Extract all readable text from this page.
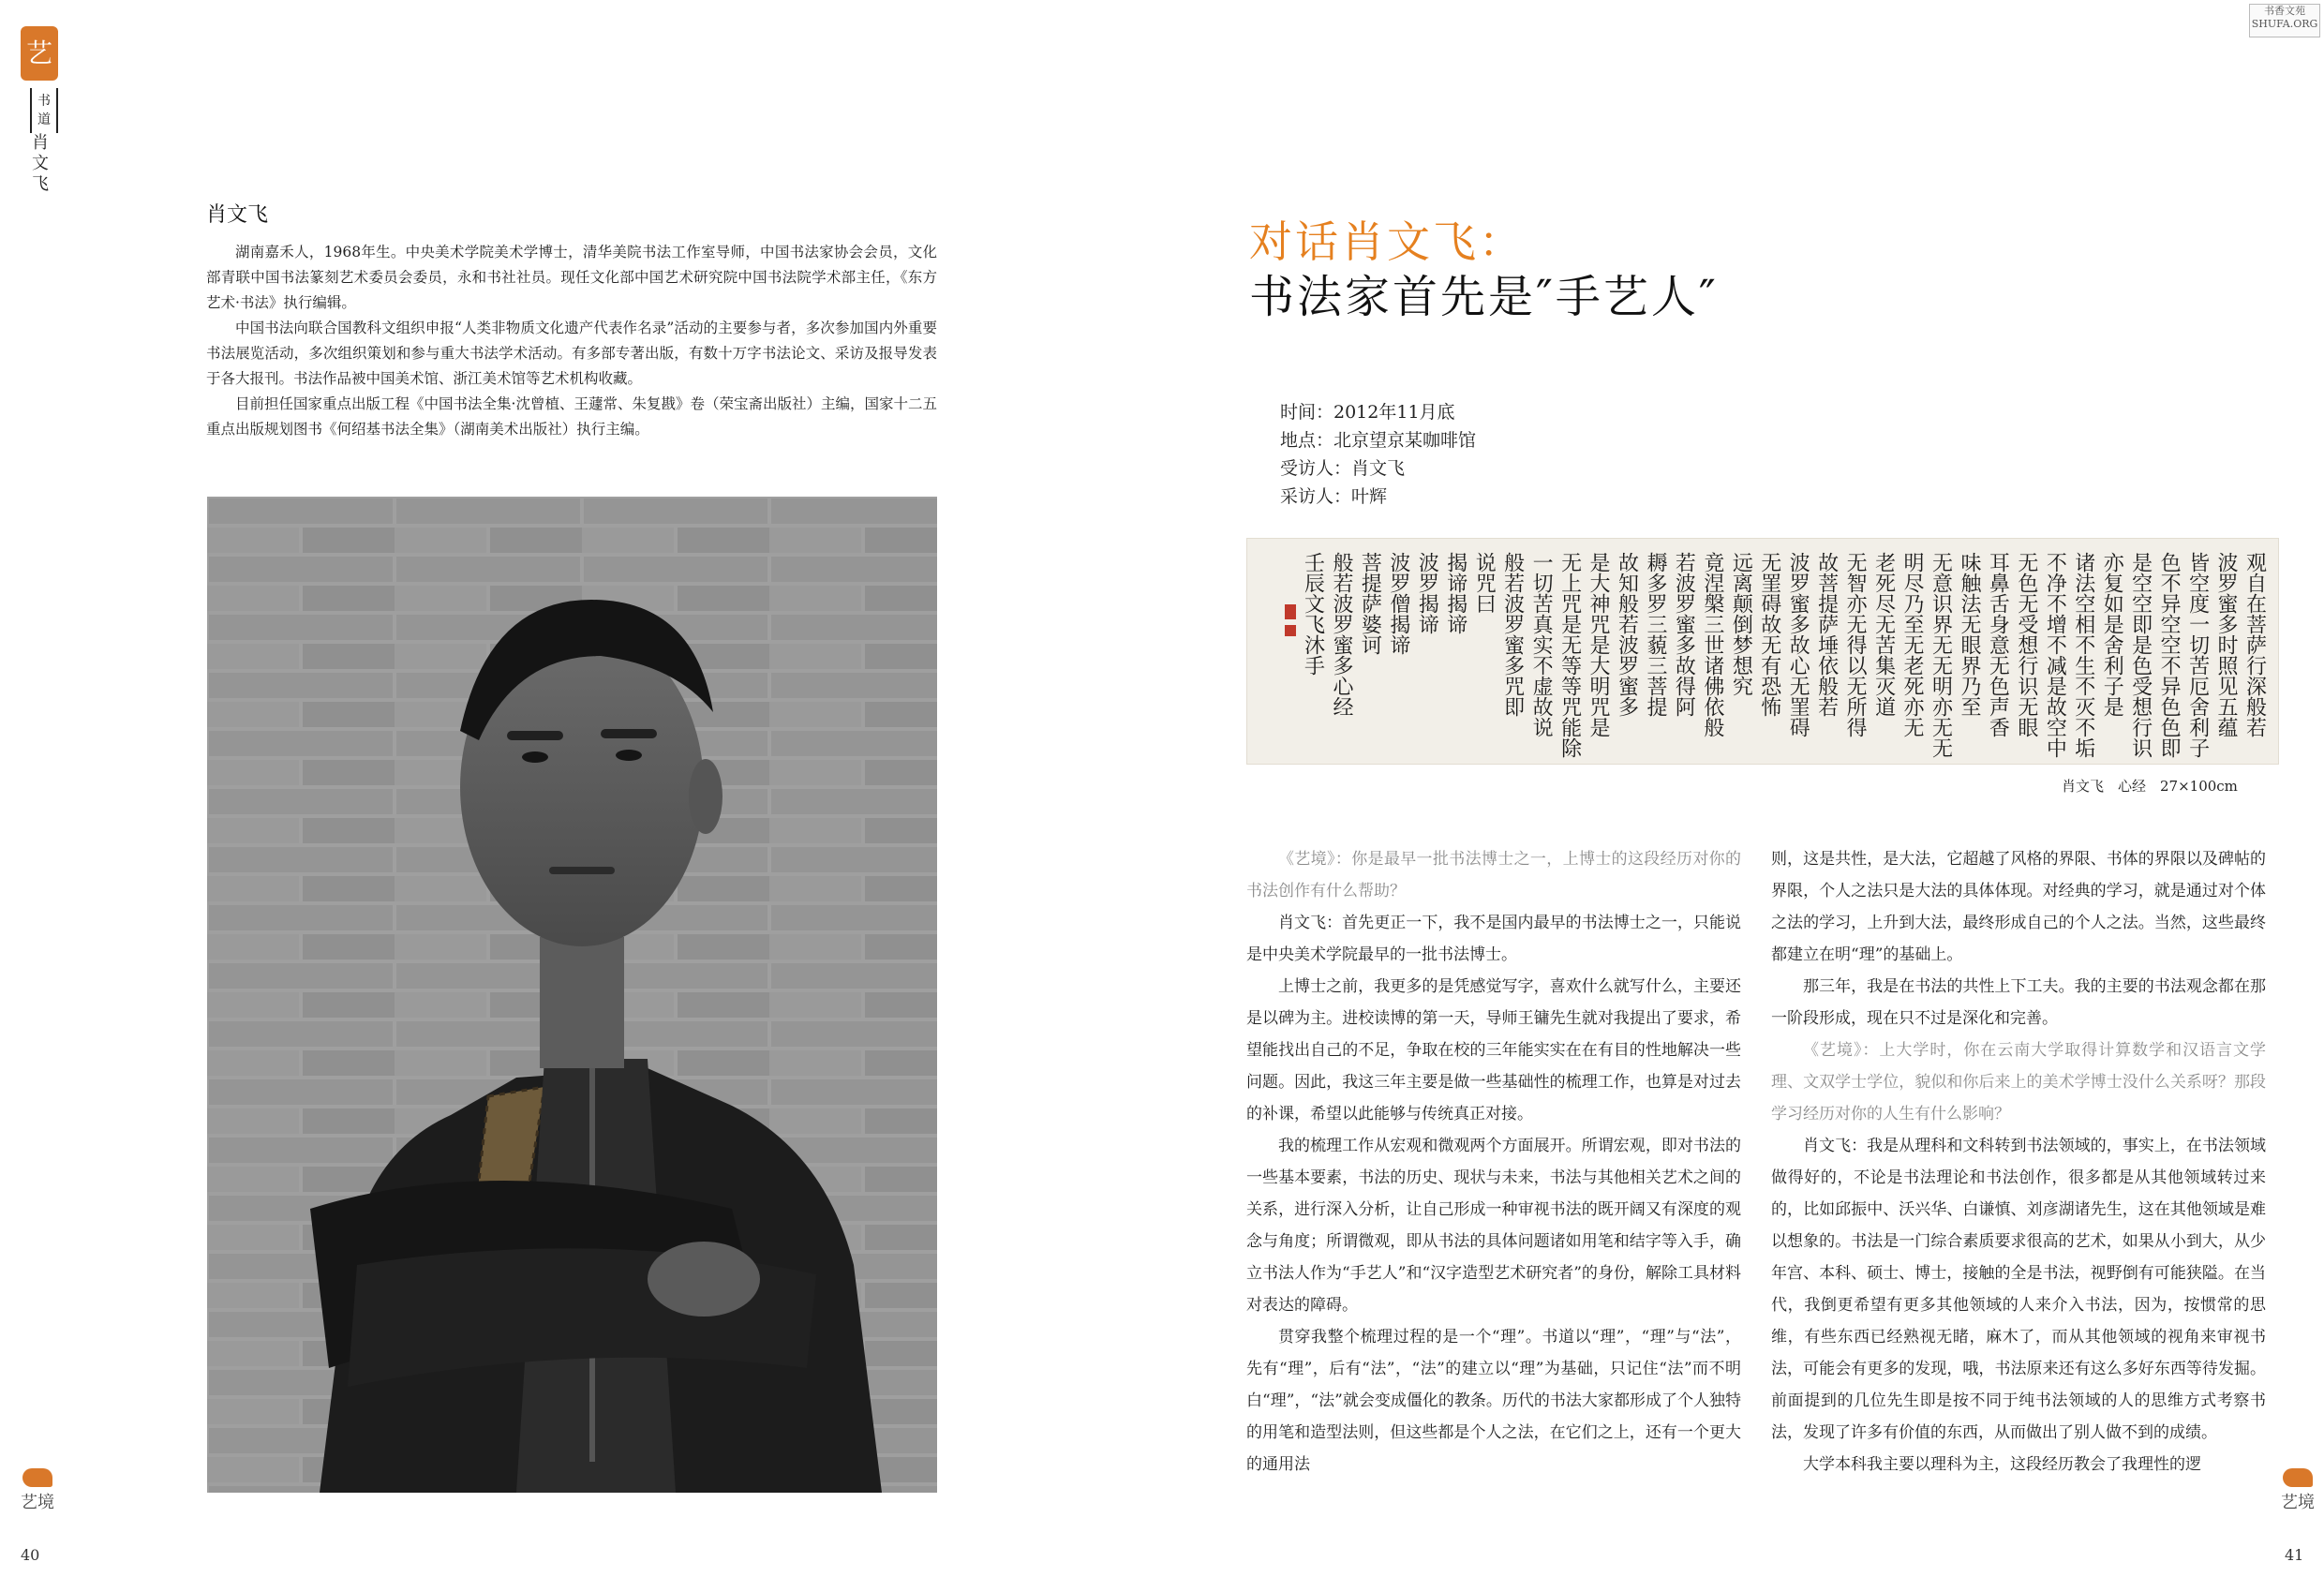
艺
书道
肖文飞
书香文苑
SHUFA.ORG
艺境	艺境
40	41
肖文飞

湖南嘉禾人，1968年生。中央美术学院美术学博士，清华美院书法工作室导师，中国书法家协会会员，文化部青联中国书法篆刻艺术委员会委员，永和书社社员。现任文化部中国艺术研究院中国书法院学术部主任，《东方艺术·书法》执行编辑。

中国书法向联合国教科文组织申报“人类非物质文化遗产代表作名录”活动的主要参与者，多次参加国内外重要书法展览活动，多次组织策划和参与重大书法学术活动。有多部专著出版，有数十万字书法论文、采访及报导发表于各大报刊。书法作品被中国美术馆、浙江美术馆等艺术机构收藏。

目前担任国家重点出版工程《中国书法全集·沈曾植、王蘧常、朱复戡》卷（荣宝斋出版社）主编，国家十二五重点出版规划图书《何绍基书法全集》（湖南美术出版社）执行主编。

对话肖文飞：
书法家首先是″手艺人″
时间：2012年11月底
地点：北京望京某咖啡馆
受访人：肖文飞
采访人：叶辉
观自在菩萨行深般若
波罗蜜多时照见五蕴
皆空度一切苦厄舍利子
色不异空空不异色色即
是空空即是色受想行识
亦复如是舍利子是
诸法空相不生不灭不垢
不净不增不减是故空中
无色无受想行识无眼
耳鼻舌身意无色声香
味触法无眼界乃至
无意识界无无明亦无无
明尽乃至无老死亦无
老死尽无苦集灭道
无智亦无得以无所得
故菩提萨埵依般若
波罗蜜多故心无罣碍
无罣碍故无有恐怖
远离颠倒梦想究
竟涅槃三世诸佛依般
若波罗蜜多故得阿
耨多罗三藐三菩提
故知般若波罗蜜多
是大神咒是大明咒是
无上咒是无等等咒能除
一切苦真实不虚故说
般若波罗蜜多咒即
说咒曰
揭谛揭谛
波罗揭谛
波罗僧揭谛
菩提萨婆诃
般若波罗蜜多心经
壬辰文飞沐手
肖文飞　心经　27×100cm

《艺境》：你是最早一批书法博士之一，上博士的这段经历对你的书法创作有什么帮助？

肖文飞：首先更正一下，我不是国内最早的书法博士之一，只能说是中央美术学院最早的一批书法博士。

上博士之前，我更多的是凭感觉写字，喜欢什么就写什么，主要还是以碑为主。进校读博的第一天，导师王镛先生就对我提出了要求，希望能找出自己的不足，争取在校的三年能实实在在有目的性地解决一些问题。因此，我这三年主要是做一些基础性的梳理工作，也算是对过去的补课，希望以此能够与传统真正对接。

我的梳理工作从宏观和微观两个方面展开。所谓宏观，即对书法的一些基本要素，书法的历史、现状与未来，书法与其他相关艺术之间的关系，进行深入分析，让自己形成一种审视书法的既开阔又有深度的观念与角度；所谓微观，即从书法的具体问题诸如用笔和结字等入手，确立书法人作为“手艺人”和“汉字造型艺术研究者”的身份，解除工具材料对表达的障碍。

贯穿我整个梳理过程的是一个“理”。书道以“理”，“理”与“法”，先有“理”，后有“法”，“法”的建立以“理”为基础，只记住“法”而不明白“理”，“法”就会变成僵化的教条。历代的书法大家都形成了个人独特的用笔和造型法则，但这些都是个人之法，在它们之上，还有一个更大的通用法

则，这是共性，是大法，它超越了风格的界限、书体的界限以及碑帖的界限，个人之法只是大法的具体体现。对经典的学习，就是通过对个体之法的学习，上升到大法，最终形成自己的个人之法。当然，这些最终都建立在明“理”的基础上。

那三年，我是在书法的共性上下工夫。我的主要的书法观念都在那一阶段形成，现在只不过是深化和完善。

《艺境》：上大学时，你在云南大学取得计算数学和汉语言文学理、文双学士学位，貌似和你后来上的美术学博士没什么关系呀？那段学习经历对你的人生有什么影响？

肖文飞：我是从理科和文科转到书法领域的，事实上，在书法领域做得好的，不论是书法理论和书法创作，很多都是从其他领域转过来的，比如邱振中、沃兴华、白谦慎、刘彦湖诸先生，这在其他领域是难以想象的。书法是一门综合素质要求很高的艺术，如果从小到大，从少年宫、本科、硕士、博士，接触的全是书法，视野倒有可能狭隘。在当代，我倒更希望有更多其他领域的人来介入书法，因为，按惯常的思维，有些东西已经熟视无睹，麻木了，而从其他领域的视角来审视书法，可能会有更多的发现，哦，书法原来还有这么多好东西等待发掘。前面提到的几位先生即是按不同于纯书法领域的人的思维方式考察书法，发现了许多有价值的东西，从而做出了别人做不到的成绩。

大学本科我主要以理科为主，这段经历教会了我理性的逻
